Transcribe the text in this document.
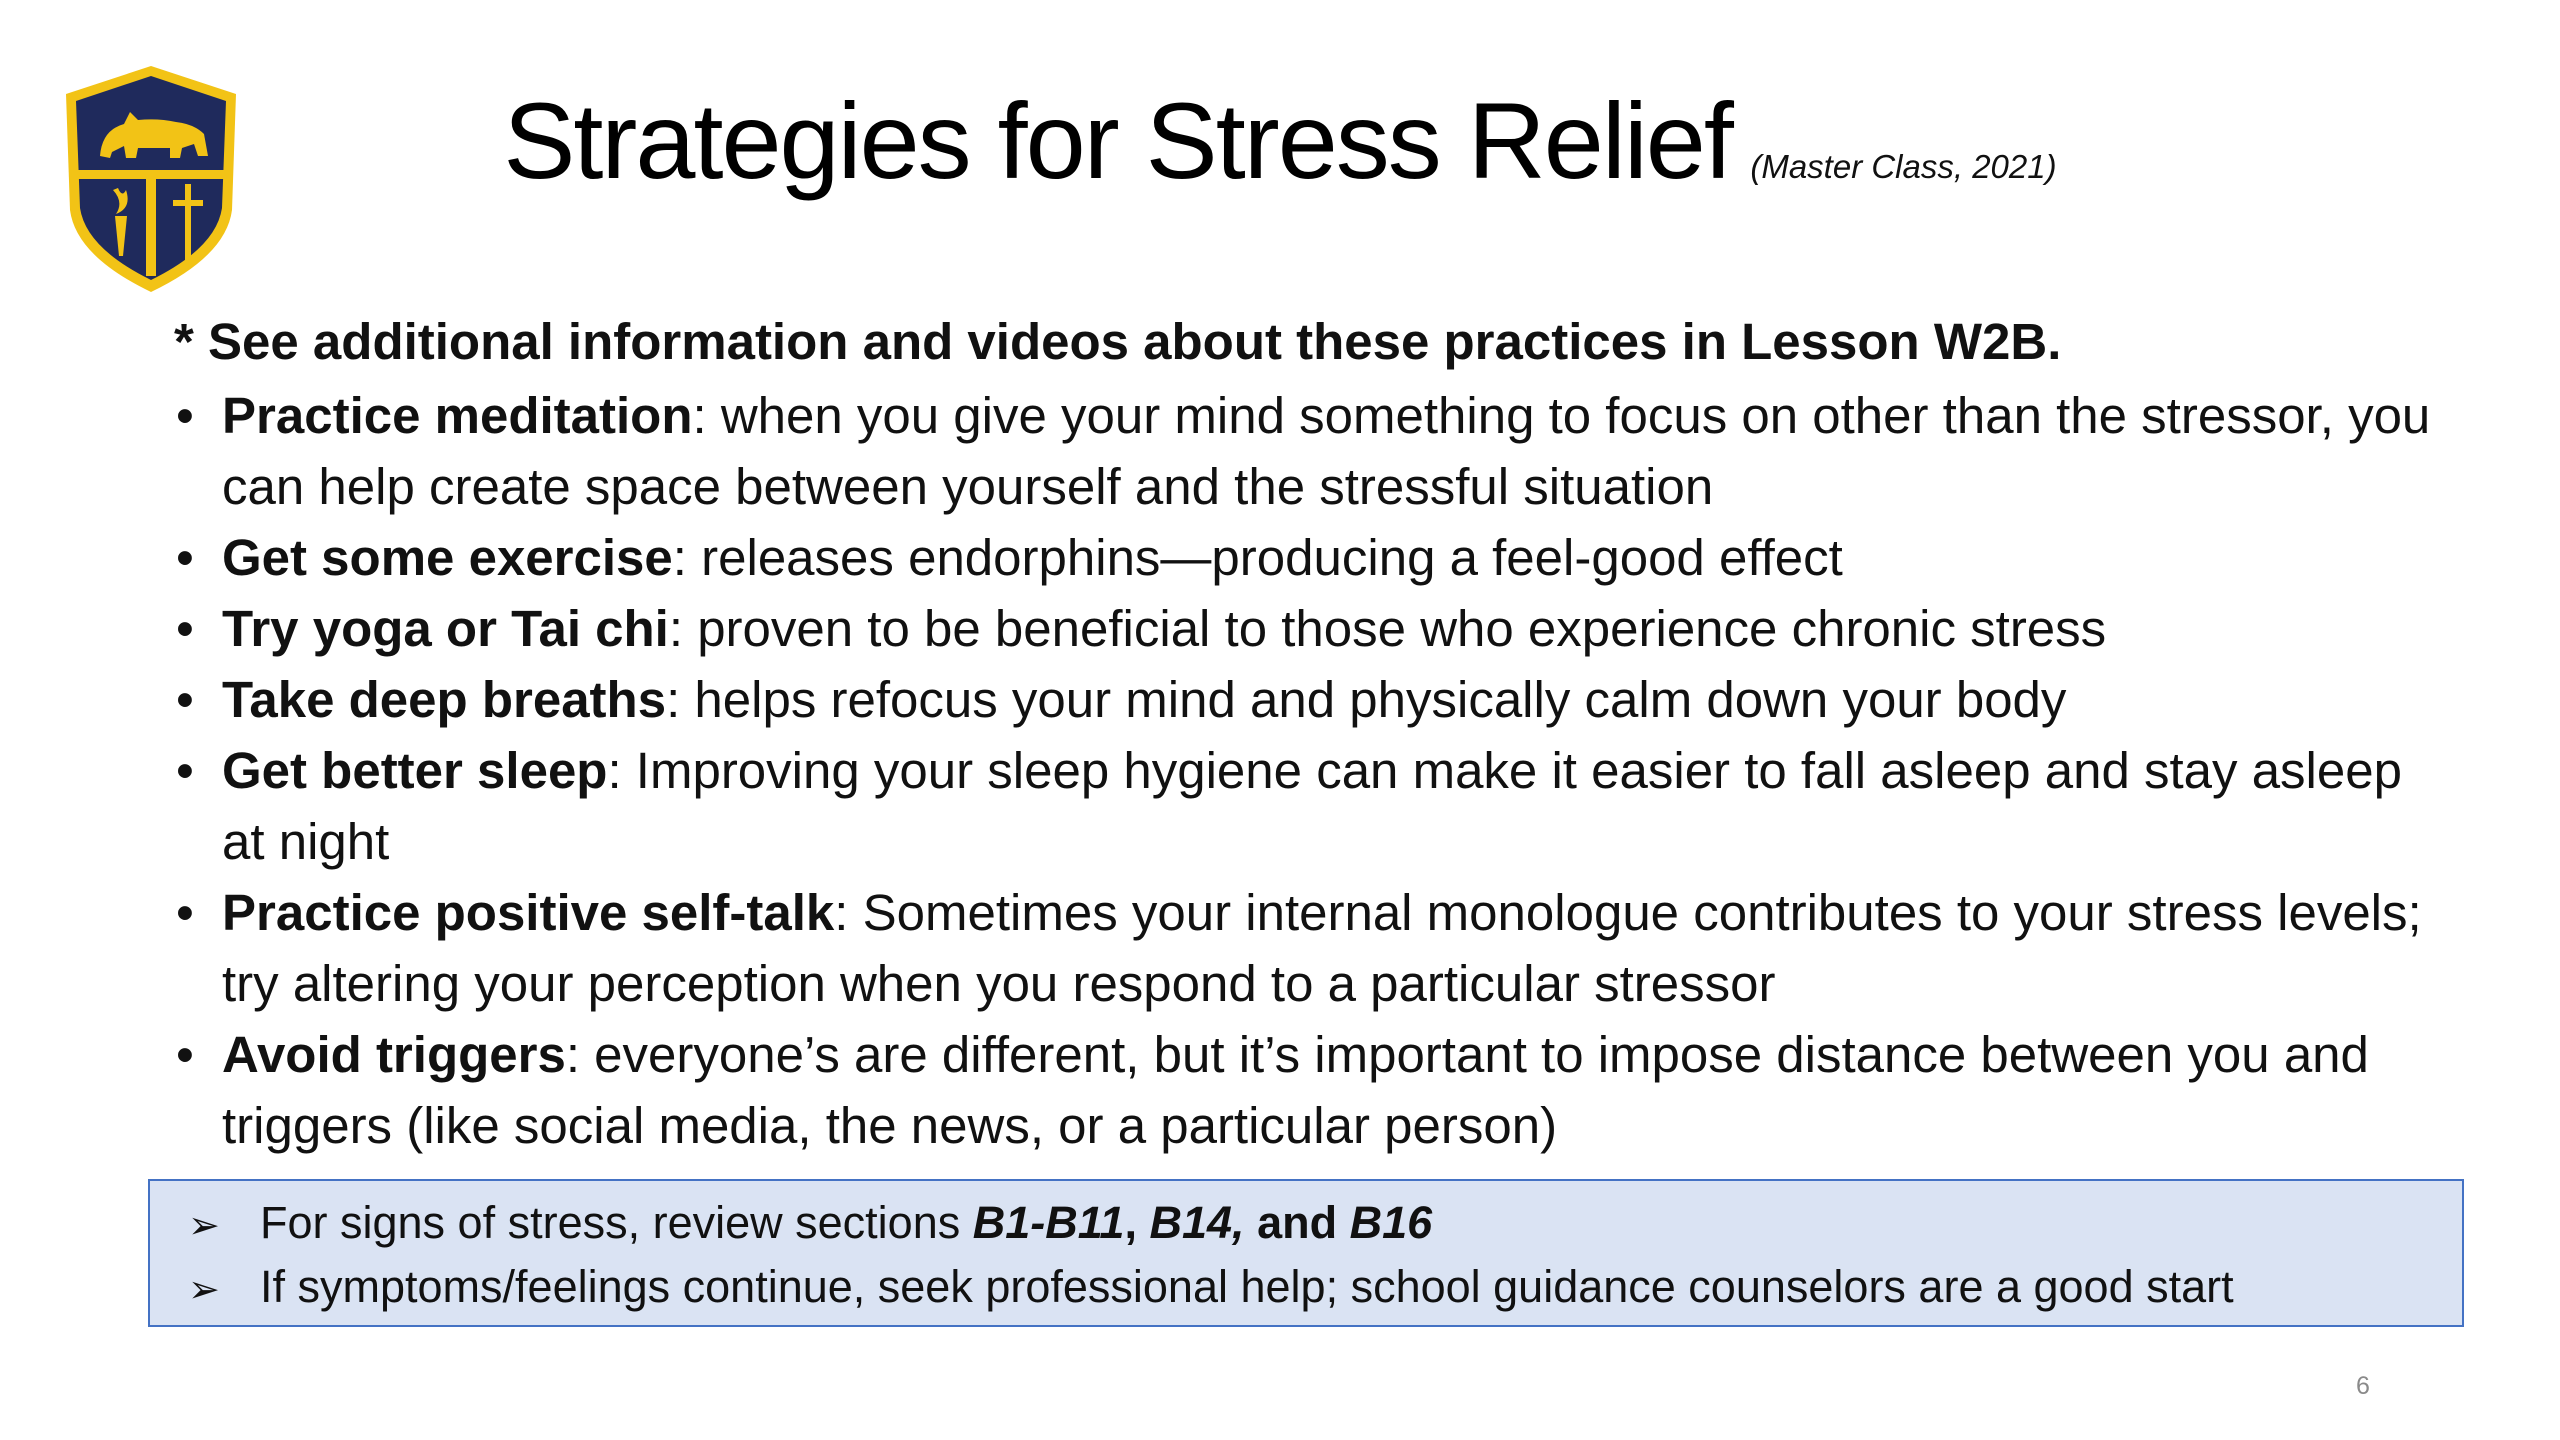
Strategies for Stress Relief (Master Class, 2021)
* See additional information and videos about these practices in Lesson W2B.
• Practice meditation: when you give your mind something to focus on other than the stressor, you can help create space between yourself and the stressful situation
• Get some exercise: releases endorphins—producing a feel-good effect
• Try yoga or Tai chi: proven to be beneficial to those who experience chronic stress
• Take deep breaths: helps refocus your mind and physically calm down your body
• Get better sleep: Improving your sleep hygiene can make it easier to fall asleep and stay asleep at night
• Practice positive self-talk: Sometimes your internal monologue contributes to your stress levels; try altering your perception when you respond to a particular stressor
• Avoid triggers: everyone’s are different, but it’s important to impose distance between you and triggers (like social media, the news, or a particular person)
➢ For signs of stress, review sections B1-B11, B14, and B16
➢ If symptoms/feelings continue, seek professional help; school guidance counselors are a good start
6
